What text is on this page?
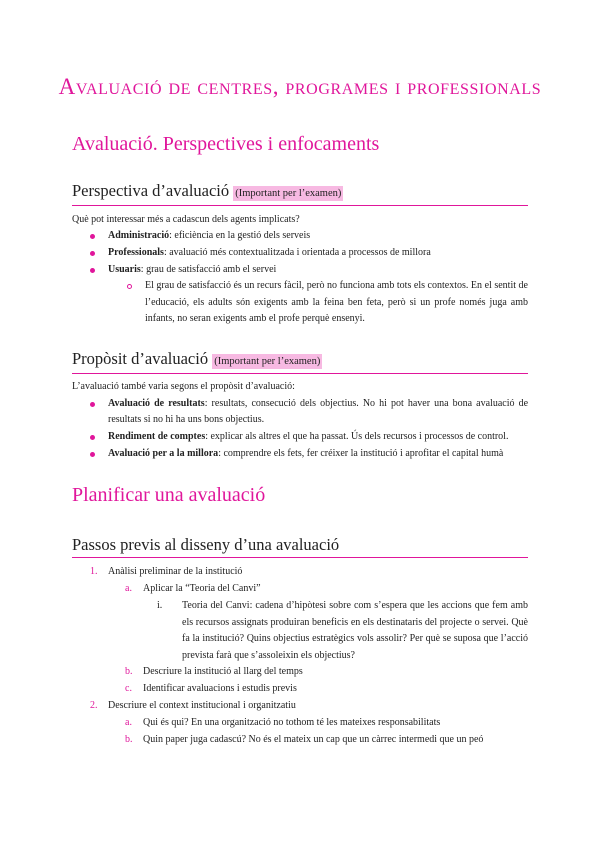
Avaluació de centres, programes i professionals
Avaluació. Perspectives i enfocaments
Perspectiva d’avaluació (Important per l’examen)

Què pot interessar més a cadascun dels agents implicats?

Administració: eficiència en la gestió dels serveis
Professionals: avaluació més contextualitzada i orientada a processos de millora
Usuaris: grau de satisfacció amb el servei
El grau de satisfacció és un recurs fàcil, però no funciona amb tots els contextos. En el sentit de l’educació, els adults són exigents amb la feina ben feta, però si un profe només juga amb infants, no seran exigents amb el profe perquè ensenyi.
Propòsit d’avaluació (Important per l’examen)

L’avaluació també varia segons el propòsit d’avaluació:

Avaluació de resultats: resultats, consecució dels objectius. No hi pot haver una bona avaluació de resultats si no hi ha uns bons objectius.
Rendiment de comptes: explicar als altres el que ha passat. Ús dels recursos i processos de control.
Avaluació per a la millora: comprendre els fets, fer créixer la institució i aprofitar el capital humà
Planificar una avaluació
Passos previs al disseny d’una avaluació
1.	Anàlisi preliminar de la institució
a.	Aplicar la “Teoria del Canvi”
i.	Teoria del Canvi: cadena d’hipòtesi sobre com s’espera que les accions que fem amb els recursos assignats produiran beneficis en els destinataris del projecte o servei. Què fa la institució? Quins objectius estratègics vols assolir? Per què se suposa que l’acció prevista farà que s’assoleixin els objectius?
b.	Descriure la institució al llarg del temps
c.	Identificar avaluacions i estudis previs
2.	Descriure el context institucional i organitzatiu
a.	Qui és qui? En una organització no tothom té les mateixes responsabilitats
b.	Quin paper juga cadascú? No és el mateix un cap que un càrrec intermedi que un peó
